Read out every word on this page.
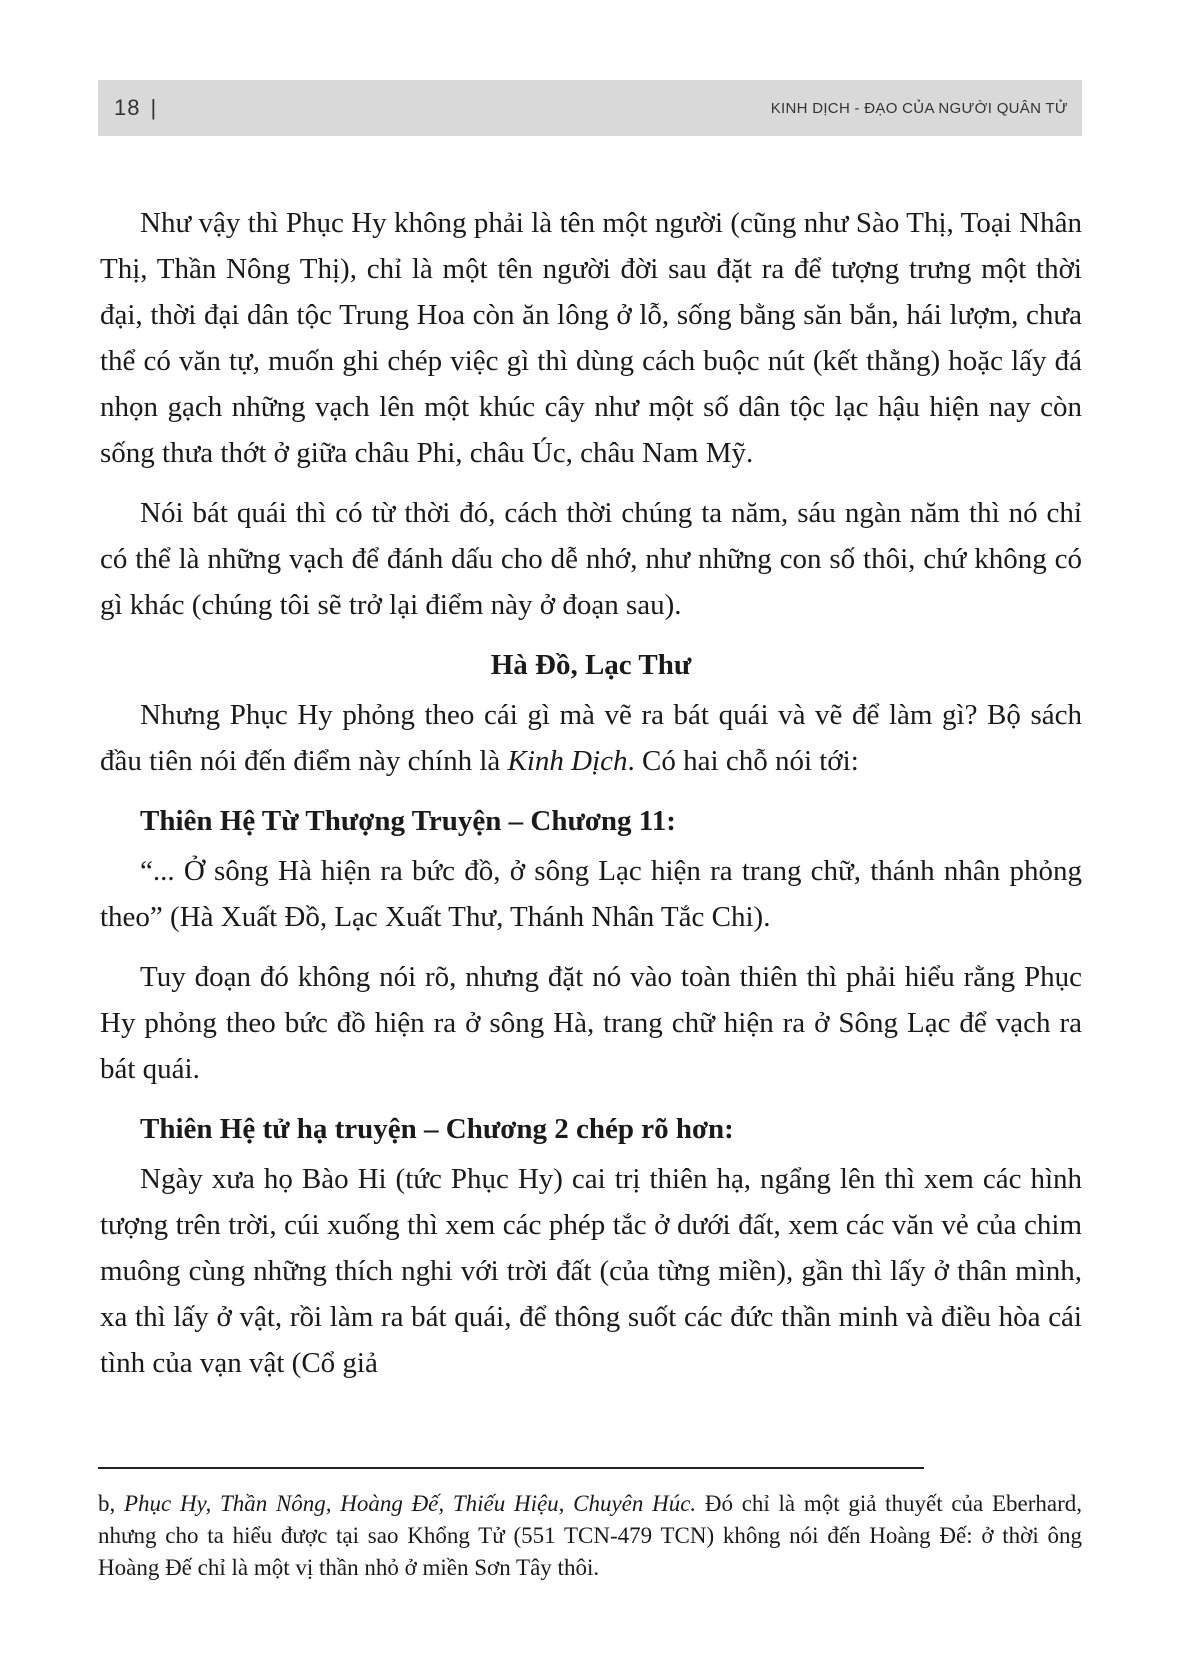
18 |	KINH DỊCH - ĐẠO CỦA NGƯỜI QUÂN TỬ

Như vậy thì Phục Hy không phải là tên một người (cũng như Sào Thị, Toại Nhân Thị, Thần Nông Thị), chỉ là một tên người đời sau đặt ra để tượng trưng một thời đại, thời đại dân tộc Trung Hoa còn ăn lông ở lỗ, sống bằng săn bắn, hái lượm, chưa thể có văn tự, muốn ghi chép việc gì thì dùng cách buộc nút (kết thằng) hoặc lấy đá nhọn gạch những vạch lên một khúc cây như một số dân tộc lạc hậu hiện nay còn sống thưa thớt ở giữa châu Phi, châu Úc, châu Nam Mỹ.

Nói bát quái thì có từ thời đó, cách thời chúng ta năm, sáu ngàn năm thì nó chỉ có thể là những vạch để đánh dấu cho dễ nhớ, như những con số thôi, chứ không có gì khác (chúng tôi sẽ trở lại điểm này ở đoạn sau).

Hà Đồ, Lạc Thư

Nhưng Phục Hy phỏng theo cái gì mà vẽ ra bát quái và vẽ để làm gì? Bộ sách đầu tiên nói đến điểm này chính là Kinh Dịch. Có hai chỗ nói tới:

Thiên Hệ Từ Thượng Truyện – Chương 11:

“... Ở sông Hà hiện ra bức đồ, ở sông Lạc hiện ra trang chữ, thánh nhân phỏng theo” (Hà Xuất Đồ, Lạc Xuất Thư, Thánh Nhân Tắc Chi).

Tuy đoạn đó không nói rõ, nhưng đặt nó vào toàn thiên thì phải hiểu rằng Phục Hy phỏng theo bức đồ hiện ra ở sông Hà, trang chữ hiện ra ở Sông Lạc để vạch ra bát quái.

Thiên Hệ tử hạ truyện – Chương 2 chép rõ hơn:

Ngày xưa họ Bào Hi (tức Phục Hy) cai trị thiên hạ, ngẩng lên thì xem các hình tượng trên trời, cúi xuống thì xem các phép tắc ở dưới đất, xem các văn vẻ của chim muông cùng những thích nghi với trời đất (của từng miền), gần thì lấy ở thân mình, xa thì lấy ở vật, rồi làm ra bát quái, để thông suốt các đức thần minh và điều hòa cái tình của vạn vật (Cổ giả

b, Phục Hy, Thần Nông, Hoàng Đế, Thiếu Hiệu, Chuyên Húc. Đó chỉ là một giả thuyết của Eberhard, nhưng cho ta hiểu được tại sao Khổng Tử (551 TCN-479 TCN) không nói đến Hoàng Đế: ở thời ông Hoàng Đế chỉ là một vị thần nhỏ ở miền Sơn Tây thôi.
